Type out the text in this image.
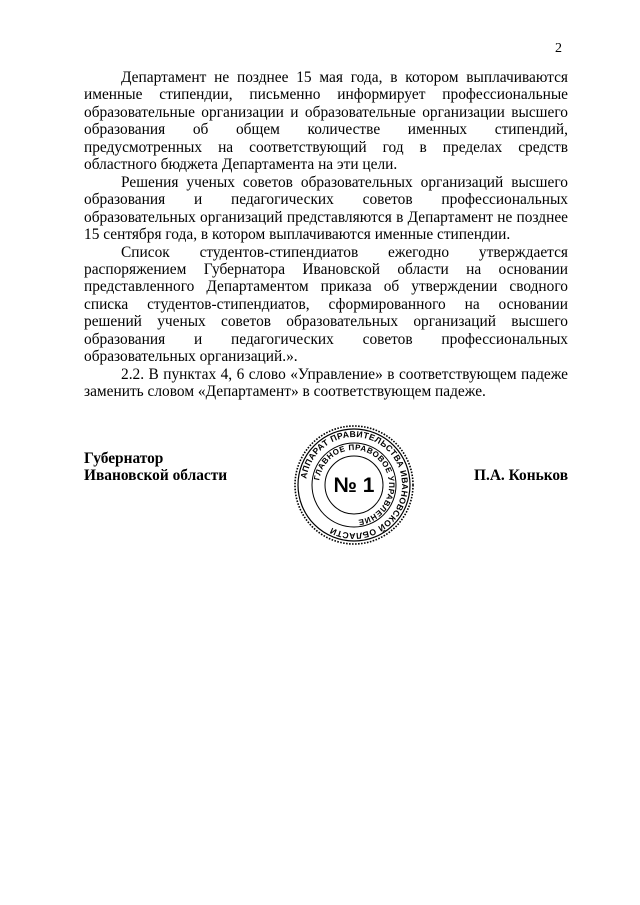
2

Департамент не позднее 15 мая года, в котором выплачиваются именные стипендии, письменно информирует профессиональные образовательные организации и образовательные организации высшего образования об общем количестве именных стипендий, предусмотренных на соответствующий год в пределах средств областного бюджета Департамента на эти цели.

Решения ученых советов образовательных организаций высшего образования и педагогических советов профессиональных образовательных организаций представляются в Департамент не позднее 15 сентября года, в котором выплачиваются именные стипендии.

Список студентов-стипендиатов ежегодно утверждается распоряжением Губернатора Ивановской области на основании представленного Департаментом приказа об утверждении сводного списка студентов-стипендиатов, сформированного на основании решений ученых советов образовательных организаций высшего образования и педагогических советов профессиональных образовательных организаций.».

2.2. В пунктах 4, 6 слово «Управление» в соответствующем падеже заменить словом «Департамент» в соответствующем падеже.

Губернатор
Ивановской области	П.А. Коньков
АППАРАТ ПРАВИТЕЛЬСТВА ИВАНОВСКОЙ ОБЛАСТИ
ГЛАВНОЕ ПРАВОВОЕ УПРАВЛЕНИЕ
№ 1
